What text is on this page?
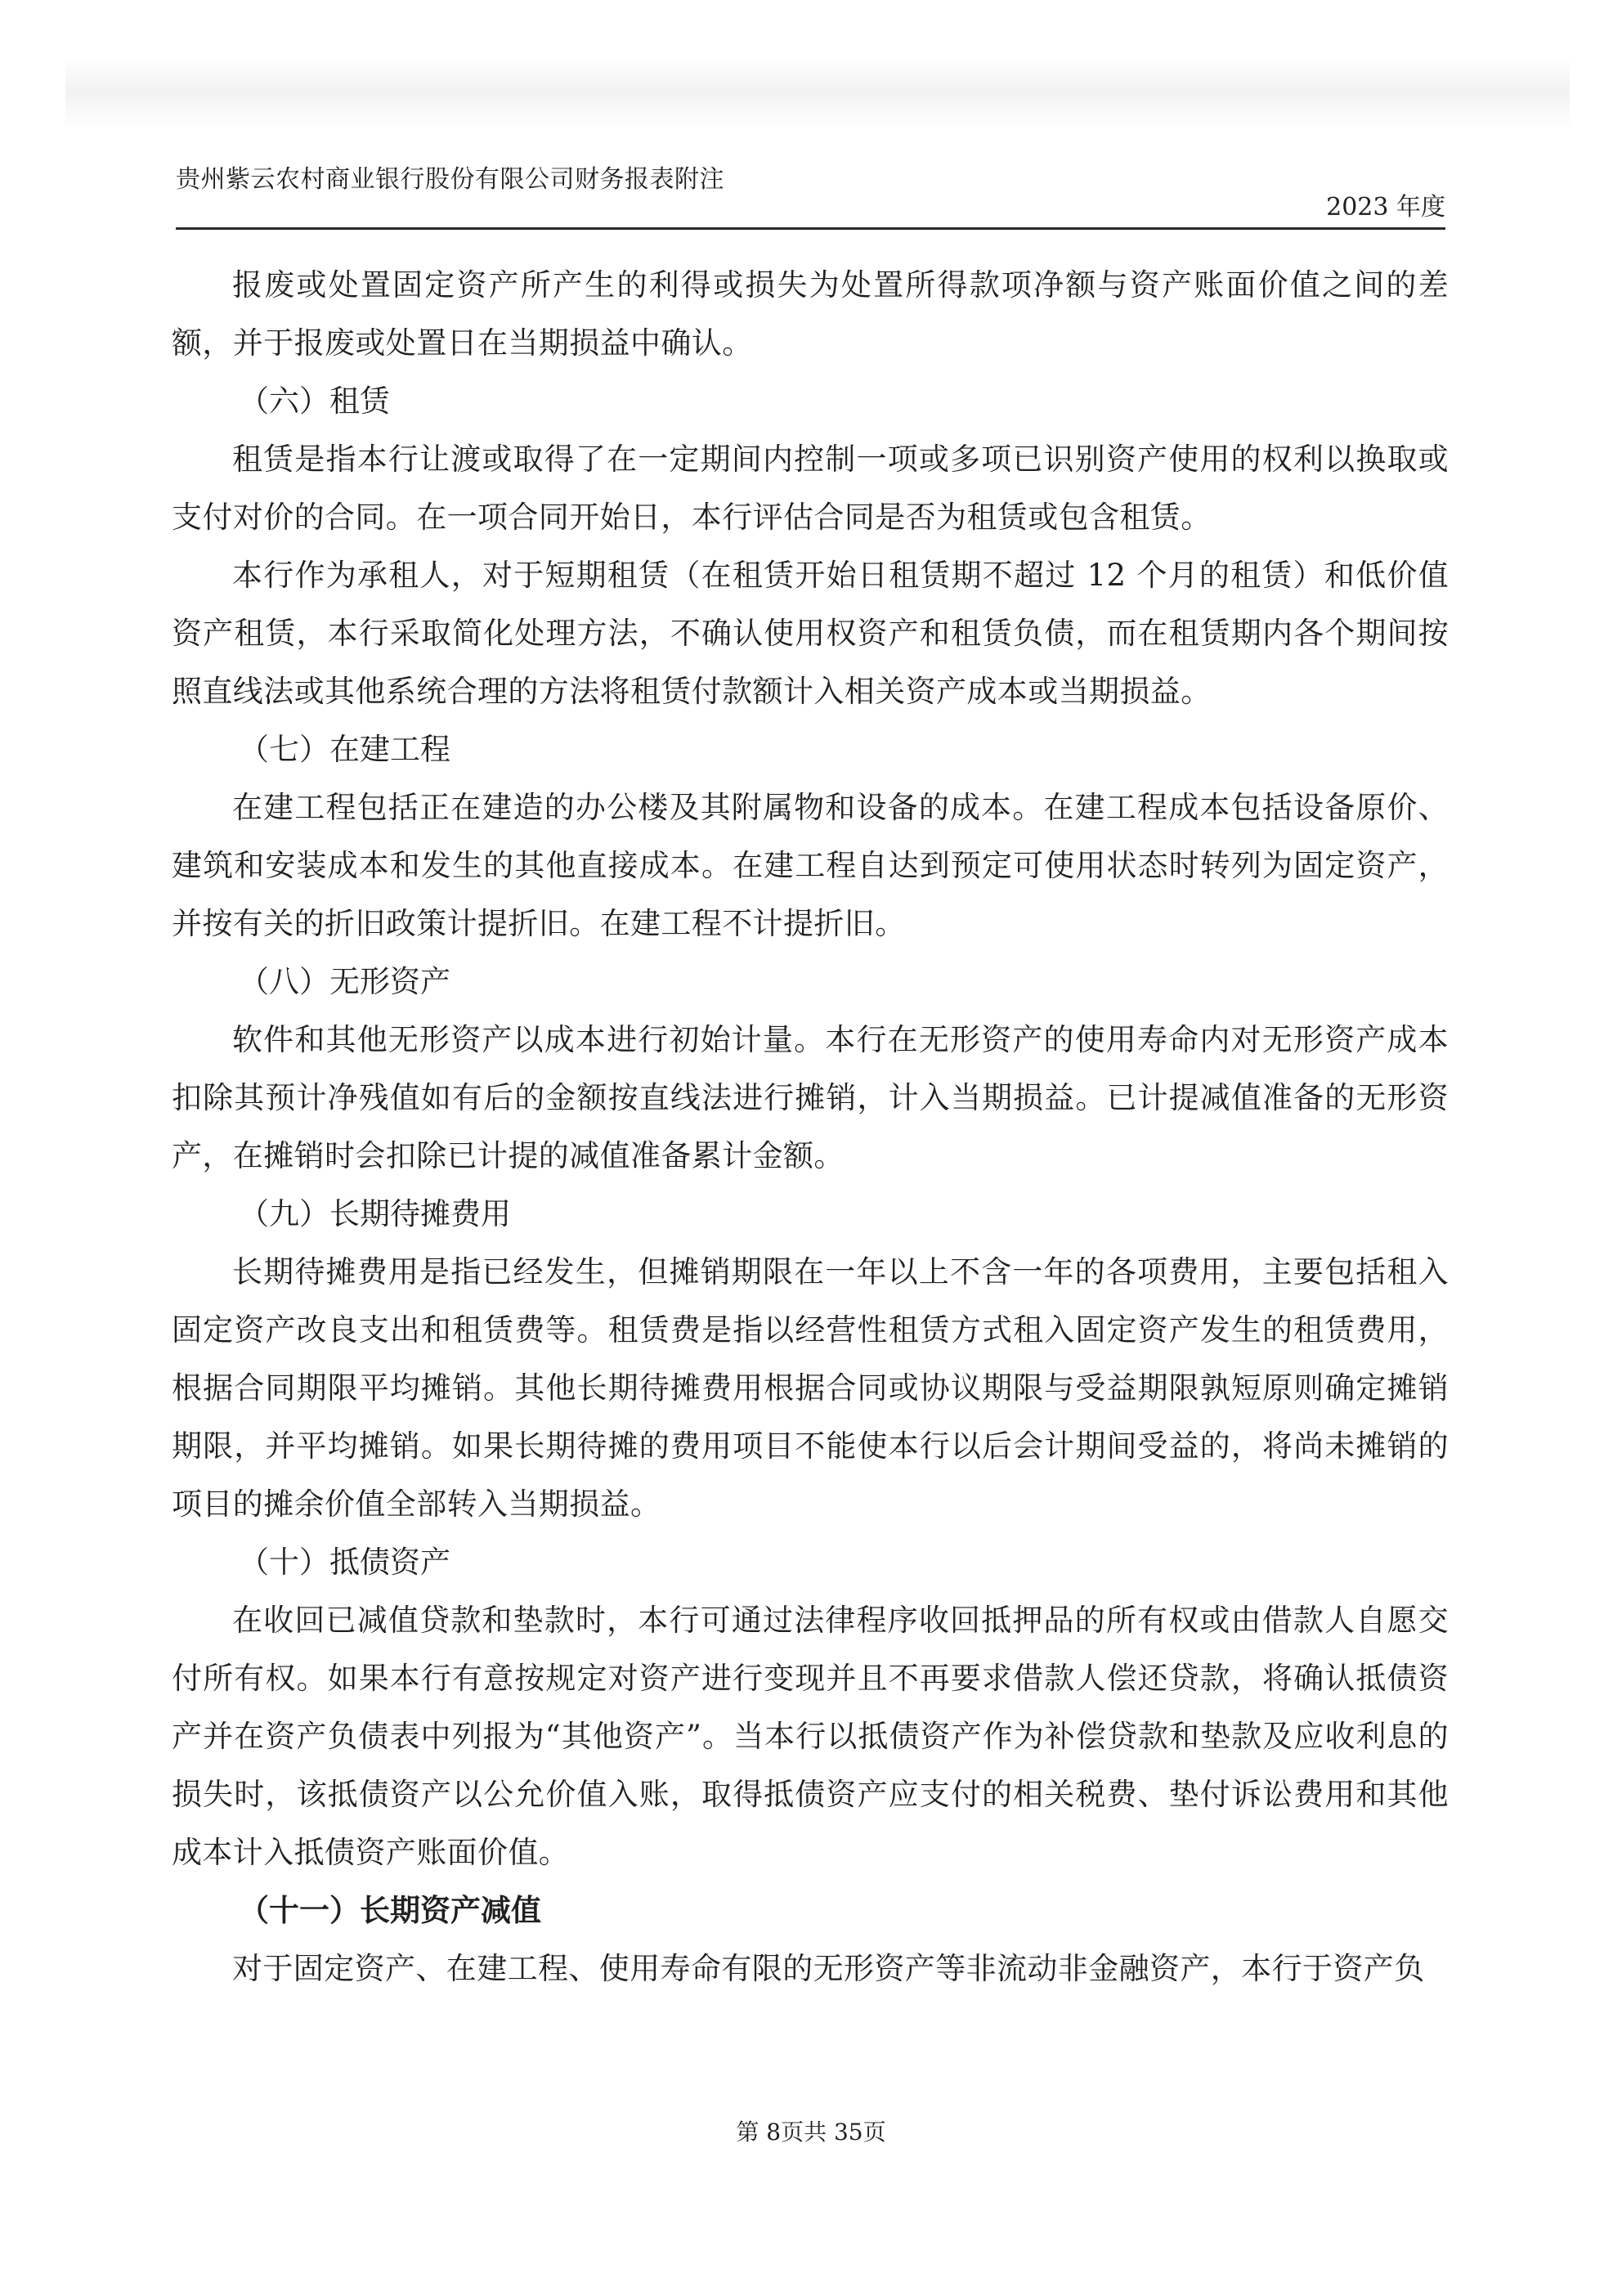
贵州紫云农村商业银行股份有限公司财务报表附注
2023 年度

报废或处置固定资产所产生的利得或损失为处置所得款项净额与资产账面价值之间的差额，并于报废或处置日在当期损益中确认。

（六）租赁

租赁是指本行让渡或取得了在一定期间内控制一项或多项已识别资产使用的权利以换取或支付对价的合同。在一项合同开始日，本行评估合同是否为租赁或包含租赁。

本行作为承租人，对于短期租赁（在租赁开始日租赁期不超过 12 个月的租赁）和低价值资产租赁，本行采取简化处理方法，不确认使用权资产和租赁负债，而在租赁期内各个期间按照直线法或其他系统合理的方法将租赁付款额计入相关资产成本或当期损益。

（七）在建工程

在建工程包括正在建造的办公楼及其附属物和设备的成本。在建工程成本包括设备原价、建筑和安装成本和发生的其他直接成本。在建工程自达到预定可使用状态时转列为固定资产，并按有关的折旧政策计提折旧。在建工程不计提折旧。

（八）无形资产

软件和其他无形资产以成本进行初始计量。本行在无形资产的使用寿命内对无形资产成本扣除其预计净残值如有后的金额按直线法进行摊销，计入当期损益。已计提减值准备的无形资产，在摊销时会扣除已计提的减值准备累计金额。

（九）长期待摊费用

长期待摊费用是指已经发生，但摊销期限在一年以上不含一年的各项费用，主要包括租入固定资产改良支出和租赁费等。租赁费是指以经营性租赁方式租入固定资产发生的租赁费用，根据合同期限平均摊销。其他长期待摊费用根据合同或协议期限与受益期限孰短原则确定摊销期限，并平均摊销。如果长期待摊的费用项目不能使本行以后会计期间受益的，将尚未摊销的项目的摊余价值全部转入当期损益。

（十）抵债资产

在收回已减值贷款和垫款时，本行可通过法律程序收回抵押品的所有权或由借款人自愿交付所有权。如果本行有意按规定对资产进行变现并且不再要求借款人偿还贷款，将确认抵债资产并在资产负债表中列报为“其他资产”。当本行以抵债资产作为补偿贷款和垫款及应收利息的损失时，该抵债资产以公允价值入账，取得抵债资产应支付的相关税费、垫付诉讼费用和其他成本计入抵债资产账面价值。

（十一）长期资产减值

对于固定资产、在建工程、使用寿命有限的无形资产等非流动非金融资产，本行于资产负

第 8页共 35页
